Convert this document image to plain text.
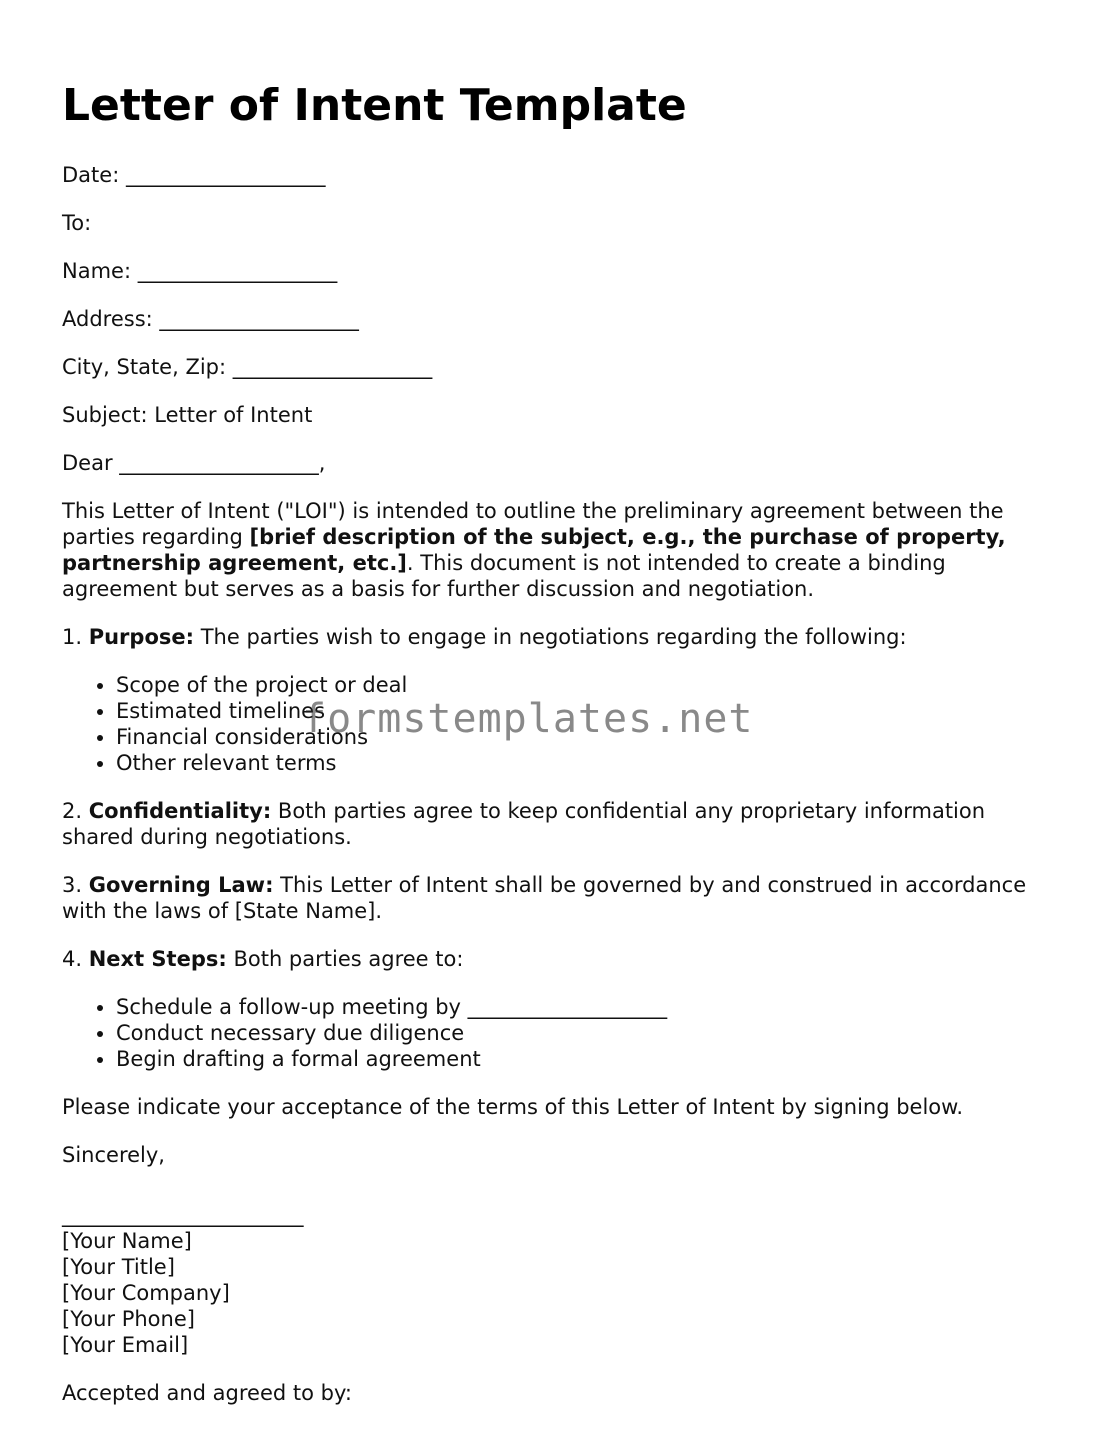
Letter of Intent Template

Date: ___________________

To:

Name: ___________________

Address: ___________________

City, State, Zip: ___________________

Subject: Letter of Intent

Dear ___________________,

This Letter of Intent ("LOI") is intended to outline the preliminary agreement between the parties regarding [brief description of the subject, e.g., the purchase of property, partnership agreement, etc.]. This document is not intended to create a binding agreement but serves as a basis for further discussion and negotiation.

1. Purpose: The parties wish to engage in negotiations regarding the following:

• Scope of the project or deal
• Estimated timelines
• Financial considerations
• Other relevant terms

2. Confidentiality: Both parties agree to keep confidential any proprietary information shared during negotiations.

3. Governing Law: This Letter of Intent shall be governed by and construed in accordance with the laws of [State Name].

4. Next Steps: Both parties agree to:

• Schedule a follow-up meeting by ___________________
• Conduct necessary due diligence
• Begin drafting a formal agreement

Please indicate your acceptance of the terms of this Letter of Intent by signing below.

Sincerely,

_______________________

[Your Name]

[Your Title]

[Your Company]

[Your Phone]

[Your Email]

Accepted and agreed to by:

formstemplates.net
